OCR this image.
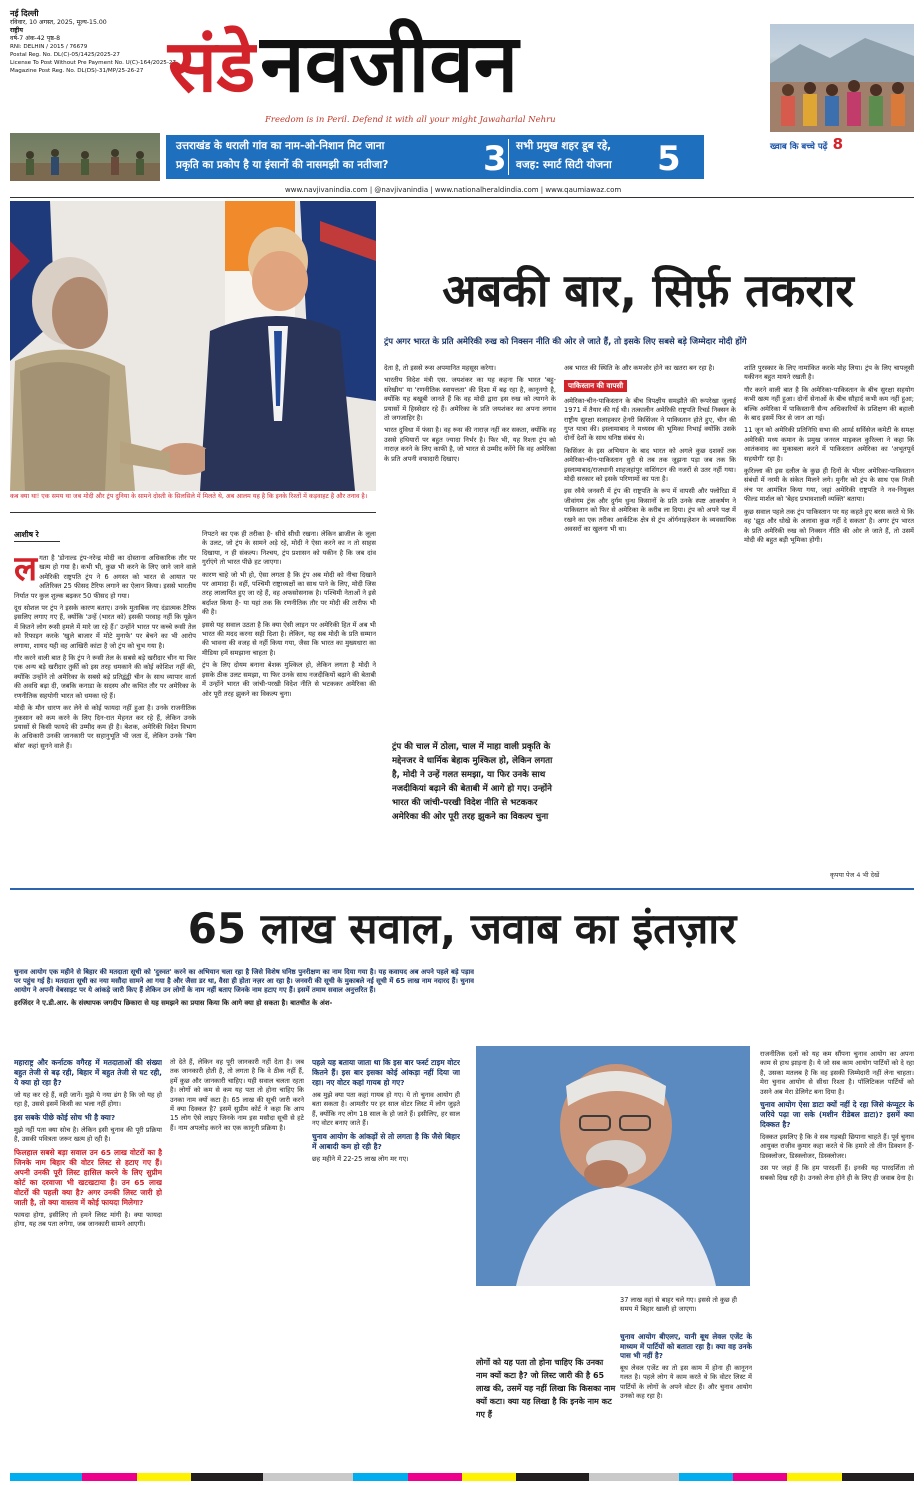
नई दिल्ली
रविवार, 10 अगस्त, 2025, मूल्य-15.00
राष्ट्रीय
वर्ष-7 अंक-42 पृष्ठ-8
RNI: DELHIN / 2015 / 76679
Postal Reg. No. DL(C)-05/1425/2025-27
License To Post Without Pre Payment No. U(C)-164/2025-27
Magazine Post Reg. No. DL(DS)-31/MP/25-26-27 संडे नवजीवन
Freedom is in Peril. Defend it with all your might Jawaharlal Nehru
उत्तराखंड के धराली गांव का नाम-ओ-निशान मिट जाना
प्रकृति का प्रकोप है या इंसानों की नासमझी का नतीजा?	3 सभी प्रमुख शहर डूब रहे,
वजह: स्मार्ट सिटी योजना	5	ख्वाब कि बच्चे पढ़ें 8
www.navjivanindia.com | @navjivanindia | www.nationalheraldindia.com | www.qaumiawaz.com
कब क्या था! एक समय था जब मोदी और ट्रंप दुनिया के सामने दोस्ती के सिलसिले में मिलते थे, अब आलम यह है कि इनके रिश्तों में कड़वाहट है और तनाव है।
अबकी बार, सिर्फ़ तकरार
ट्रंप अगर भारत के प्रति अमेरिकी रुख को निक्सन नीति की ओर ले जाते हैं, तो इसके लिए सबसे बड़े जिम्मेदार मोदी होंगे
आशीष रे

लगता है 'डोनाल्ड ट्रंप-नरेन्द्र मोदी का दोस्ताना अधिकारिक तौर पर खत्म हो गया है। कभी भी, कुछ भी करने के लिए जाने जाने वाले अमेरिकी राष्ट्रपति ट्रंप ने 6 अगस्त को भारत से आयात पर अतिरिक्त 25 फीसद टैरिफ लगाने का ऐलान किया। इससे भारतीय निर्यात पर कुल शुल्क बढ़कर 50 फीसद हो गया।

दूध सोशल पर ट्रंप ने इसके कारण बताए। उनके मुताबिक नए दंडात्मक टैरिफ इसलिए लगाए गए हैं, क्योंकि 'उन्हें (भारत को) इसकी परवाह नहीं कि यूक्रेन में कितने लोग रूसी हमले में मारे जा रहे हैं।' उन्होंने भारत पर कच्चे रूसी तेल को रिफाइन करके 'खुले बाजार में मोटे मुनाफे' पर बेचने का भी आरोप लगाया, शायद यही वह आखिरी कांटा है जो ट्रंप को चुभ गया है।

गौर करने वाली बात है कि ट्रंप ने रूसी तेल के सबसे बड़े खरीदार चीन या फिर एक अन्य बड़े खरीदार तुर्की को इस तरह धमकाने की कोई कोशिश नहीं की, क्योंकि उन्होंने तो अमेरिका के सबसे बड़े प्रतिद्वंद्वी चीन के साथ व्यापार वार्ता की अवधि बढ़ा दी, जबकि कनाडा के सदस्य और कथित तौर पर अमेरिका के रणनीतिक सहयोगी भारत को धमका रहे हैं।

मोदी के मौन धारण कर लेने से कोई फायदा नहीं हुआ है। उनके राजनीतिक नुकसान को कम करने के लिए दिन-रात मेहनत कर रहे हैं, लेकिन उनके प्रयासों से किसी फायदे की उम्मीद कम ही है। बेशक, अमेरिकी विदेश विभाग के अधिकारी उनकी जानकारी पर सहानुभूति भी जता दें, लेकिन उनके 'बिग बॉस' कहां सुनने वाले हैं।

निपटने का एक ही तरीका है- सीधे सीधी रखना। लेकिन ब्राजील के लूला के उलट, जो ट्रंप के सामने अड़े रहे, मोदी ने ऐसा करने का न तो साहस दिखाया, न ही संकल्प। निश्चय, ट्रंप प्रशासन को यकीन है कि जब दांव गुर्राएंगे तो भारत पीछे हट जाएगा।

कारण चाहे जो भी हो, ऐसा लगता है कि ट्रंप अब मोदी को नीचा दिखाने पर आमादा हैं। वहीं, पश्चिमी राष्ट्राध्यक्षों का साथ पाने के लिए, मोदी जिस तरह लालायित हुए जा रहे हैं, वह अफसोसनाक है। पश्चिमी नेताओं ने इसे बर्दाश्त किया है- या यहां तक कि रणनीतिक तौर पर मोदी की तारीफ भी की है।

इससे यह सवाल उठता है कि क्या ऐसी लाइन पर अमेरिकी हित में अब भी भारत की मदद करना सही दिशा है। लेकिन, यह सब मोदी के प्रति सम्मान की भावना की वजह से नहीं किया गया, जैसा कि भारत का मुख्यधारा का मीडिया हमें समझाना चाहता है।

ट्रंप के लिए दोयम बनाना बेशक मुश्किल हो, लेकिन लगता है मोदी ने इसके ठीक उलट समझा, या फिर उनके साथ नजदीकियों बढ़ाने की बेताबी में उन्होंने भारत की जांची-परखी विदेश नीति से भटककर अमेरिका की ओर पूरी तरह झुकने का विकल्प चुना।

देता है, तो इससे रूस अपमानित महसूस करेगा।

भारतीय विदेश मंत्री एस. जयशंकर का यह कहना कि भारत 'बहु-संरेखीय' या 'रणनीतिक स्वायत्तता' की दिशा में बढ़ रहा है, कानूनगो है, क्योंकि यह बखूबी जानते हैं कि वह मोदी द्वारा इस रुख को त्यागने के प्रयासों में हिस्सेदार रहे हैं। अमेरिका के प्रति जयशंकर का अपना लगाव तो जगजाहिर है।

भारत दुविधा में फंसा है। वह रूस की नाराज़ नहीं कर सकता, क्योंकि वह उससे हथियारों पर बहुत ज्यादा निर्भर है। फिर भी, यह रिश्ता ट्रंप को नाराज़ करने के लिए काफी है, जो भारत से उम्मीद करेंगे कि वह अमेरिका के प्रति अपनी वफादारी दिखाए।

ट्रंप की चाल में ठोला, चाल में माहा वाली प्रकृति के मद्देनजर वे धार्मिक बेहाक मुश्किल हो, लेकिन लगता है, मोदी ने उन्हें गलत समझा, या फिर उनके साथ नजदीकियां बढ़ाने की बेताबी में आगे हो गए। उन्होंने भारत की जांची-परखी विदेश नीति से भटककर अमेरिका की ओर पूरी तरह झुकने का विकल्प चुना

अब भारत की स्थिति के और कमजोर होने का खतरा बन रहा है।

पाकिस्तान की वापसी

अमेरिका-चीन-पाकिस्तान के बीच त्रिपक्षीय समझौते की रूपरेखा जुलाई 1971 में तैयार की गई थी। तत्कालीन अमेरिकी राष्ट्रपति रिचर्ड निक्सन के राष्ट्रीय सुरक्षा सलाहकार हेनरी किसिंजर ने पाकिस्तान होते हुए, चीन की गुप्त यात्रा की। इस्लामाबाद ने मध्यस्थ की भूमिका निभाई क्योंकि उसके दोनों देशों के साथ घनिष्ठ संबंध थे।

किसिंजर के इस अभियान के बाद भारत को अगले कुछ दशकों तक अमेरिका-चीन-पाकिस्तान धुरी से तब तक जूझना पड़ा जब तक कि इस्लामाबाद/राजधानी शाहजहांपुर वाशिंगटन की नजरों से उतर नहीं गया। मोदी सरकार को इसके परिणामों का पता है।

इस रवैये जनवरी में ट्रंप की राष्ट्रपति के रूप में वापसी और फ्लोरिडा में जीवांगम ट्रंक और दुर्गम धुन्ध किसानों के प्रति उनके स्पष्ट आकर्षण ने पाकिस्तान को फिर से अमेरिका के करीब ला दिया। ट्रंप को अपने पक्ष में रखने का एक तरीका आर्कटिक क्षेत्र से ट्रंप ऑर्गनाइज़ेशन के व्यवसायिक अवसरों का खुलना भी था।

शांति पुरस्कार के लिए नामांकित करके मोह लिया। ट्रंप के लिए चापलूसी यकीनन बहुत मायने रखती है।

गौर करने वाली बात है कि अमेरिका-पाकिस्तान के बीच सुरक्षा सहयोग कभी खत्म नहीं हुआ। दोनों सेनाओं के बीच सौहार्द कभी कम नहीं हुआ; बल्कि अमेरिका में पाकिस्तानी सैन्य अधिकारियों के प्रशिक्षण की बहाली के बाद इसमें फिर से जान आ गई।

11 जून को अमेरिकी प्रतिनिधि सभा की आर्म्ड सर्विसेज कमेटी के समक्ष अमेरिकी मध्य कमान के प्रमुख जनरल माइकल कुरिल्ला ने कहा कि आतंकवाद का मुकाबला करने में पाकिस्तान अमेरिका का 'अभूतपूर्व सहयोगी' रहा है।

कुरिल्ला की इस दलील के कुछ ही दिनों के भीतर अमेरिका-पाकिस्तान संबंधों में नरमी के संकेत मिलने लगे। मुनीर को ट्रंप के साथ एक निजी लंच पर आमंत्रित किया गया, जहां अमेरिकी राष्ट्रपति ने नव-नियुक्त फील्ड मार्शल को 'बेहद प्रभावशाली व्यक्ति' बताया।

कुछ सवाल पहले तक ट्रंप पाकिस्तान पर यह कहते हुए बरस करते थे कि वह 'झूठ और धोखे के अलावा कुछ नहीं दे सकता' है। अगर ट्रंप भारत के प्रति अमेरिकी रुख को निक्सन नीति की ओर ले जाते हैं, तो उसमें मोदी की बहुत बड़ी भूमिका होगी।

कृपया पेज 4 भी देखें
65 लाख सवाल, जवाब का इंतज़ार

चुनाव आयोग एक महीने से बिहार की मतदाता सूची को 'दुरुस्त' करने का अभियान चला रहा है जिसे विशेष घनिष्ठ पुनरीक्षण का नाम दिया गया है। यह कवायद अब अपने पहले बड़े पड़ाव पर पहुंच गई है। मतदाता सूची का नया मसौदा सामने आ गया है और जैसा डर था, वैसा ही होता नज़र आ रहा है। जनवरी की सूची के मुकाबले नई सूची में 65 लाख नाम नदारद हैं। चुनाव आयोग ने अपनी वेबसाइट पर ये आंकड़े जारी किए हैं लेकिन उन लोगों के नाम नहीं बताए जिनके नाम हटाए गए हैं। इसमें तमाम सवाल अनुत्तरित हैं।

हरजिंदर ने ए.डी.आर. के संस्थापक जगदीप छिकारा से यह समझने का प्रयास किया कि आगे क्या हो सकता है। बातचीत के अंश-

महाराष्ट्र और कर्नाटक वगैरह में मतदाताओं की संख्या बहुत तेजी से बढ़ रही, बिहार में बहुत तेजी से घट रही, ये क्या हो रहा है?

जो यह कर रहे हैं, वही जानें। मुझे ये नया ढंग है कि जो यह हो रहा है, उससे इसमें किसी का भला नहीं होगा।

इस सबके पीछे कोई सोच भी है क्या?

मुझे नहीं पता क्या सोच है। लेकिन इसी चुनाव की पूरी प्रक्रिया है, उसकी पवित्रता जरूर खत्म हो रही है।

फिलहाल सबसे बड़ा सवाल उन 65 लाख वोटरों का है जिनके नाम बिहार की वोटर लिस्ट से हटाए गए हैं। अपनी उनकी पूरी लिस्ट हासिल करने के लिए सुप्रीम कोर्ट का दरवाजा भी खटखटाया है। उन 65 लाख वोटरों की पहली क्या है? अगर उनकी लिस्ट जारी हो जाती है, तो क्या वास्तव में कोई फायदा मिलेगा?

फायदा होगा, इसीलिए तो हमने लिस्ट मांगी है। क्या फायदा होगा, यह तब पता लगेगा, जब जानकारी सामने आएगी।

तो देते हैं, लेकिन वह पूरी जानकारी नहीं देता है। जब तक जानकारी होती है, तो लगता है कि वे ठीक नहीं हैं, हमें कुछ और जानकारी चाहिए। यही सवाल चलता रहता है। लोगों को कम से कम यह पता तो होना चाहिए कि उनका नाम क्यों कटा है। 65 लाख की सूची जारी करने में क्या दिक्कत है? इसमें सुप्रीम कोर्ट ने कहा कि आप 15 लोग ऐसे लाइए जिनके नाम इस मसौदा सूची से हटे हैं। नाम अपलोड़ करने का एक कानूनी प्रक्रिया है।

पहले यह बताया जाता था कि इस बार फर्स्ट टाइम वोटर कितने हैं। इस बार इसका कोई आंकड़ा नहीं दिया जा रहा। नए वोटर कहां गायब हो गए?

अब मुझे क्या पता कहां गायब हो गए। ये तो चुनाव आयोग ही बता सकता है। आमतौर पर हर साल वोटर लिस्ट में लोग जुड़ते हैं, क्योंकि नए लोग 18 साल के हो जाते हैं। इसीलिए, हर साल नए वोटर बनाए जाते हैं।

चुनाव आयोग के आंकड़ों से तो लगता है कि जैसे बिहार में आबादी कम हो रही है?

छह महीने में 22-25 लाख लोग मर गए।

37 लाख वहां से बाहर चले गए। इससे तो कुछ ही समय में बिहार खाली हो जाएगा।
लोगों को यह पता तो होना चाहिए कि उनका नाम क्यों कटा है? जो लिस्ट जारी की है 65 लाख की, उसमें यह नहीं लिखा कि किसका नाम क्यों कटा। क्या यह लिखा है कि इनके नाम कट गए हैं

चुनाव आयोग बीएलए, यानी बूथ लेवल एजेंट के माध्यम में पार्टियों को बताता रहा है। क्या वह उनके पास भी नहीं है?

बूथ लेवल एजेंट का तो इस काम में होना ही कानूनन गलत है। पहले लोग ये काम करते थे कि वोटर लिस्ट में पार्टियों के लोगों के अपने वोटर हैं। और चुनाव आयोग उनको कह रहा है।

राजनीतिक दलों को यह कम सौंपना चुनाव आयोग का अपना काम से हाथ झाड़ना है। ये जो सब काम आयोग पार्टियों को दे रहा है, उसका मतलब है कि वह इसकी जिम्मेदारी नहीं लेना चाहता। मेरा चुनाव आयोग से सीधा रिश्ता है। पॉलिटिकल पार्टियों को उसने अब मेरा डेलिगेट बना दिया है।

चुनाव आयोग ऐसा डाटा क्यों नहीं दे रहा जिसे कंप्यूटर के जरिये पढ़ा जा सके (मशीन रीडेबल डाटा)? इसमें क्या दिक्कत है?

दिक्कत इसलिए है कि वे सब गड़बड़ी छिपाना चाहते हैं। पूर्व चुनाव आयुक्त राजीव कुमार कहा करते थे कि हमारे तो तीन डिक्शन हैं- डिस्क्लोजर, डिस्क्लोजर, डिस्क्लोजर।

उस पर जहां हैं कि हम पारदर्शी हैं। इनकी यह पारदर्शिता तो सबको दिख रही है। उनको लेना होने ही के लिए ही जवाब देना है।
